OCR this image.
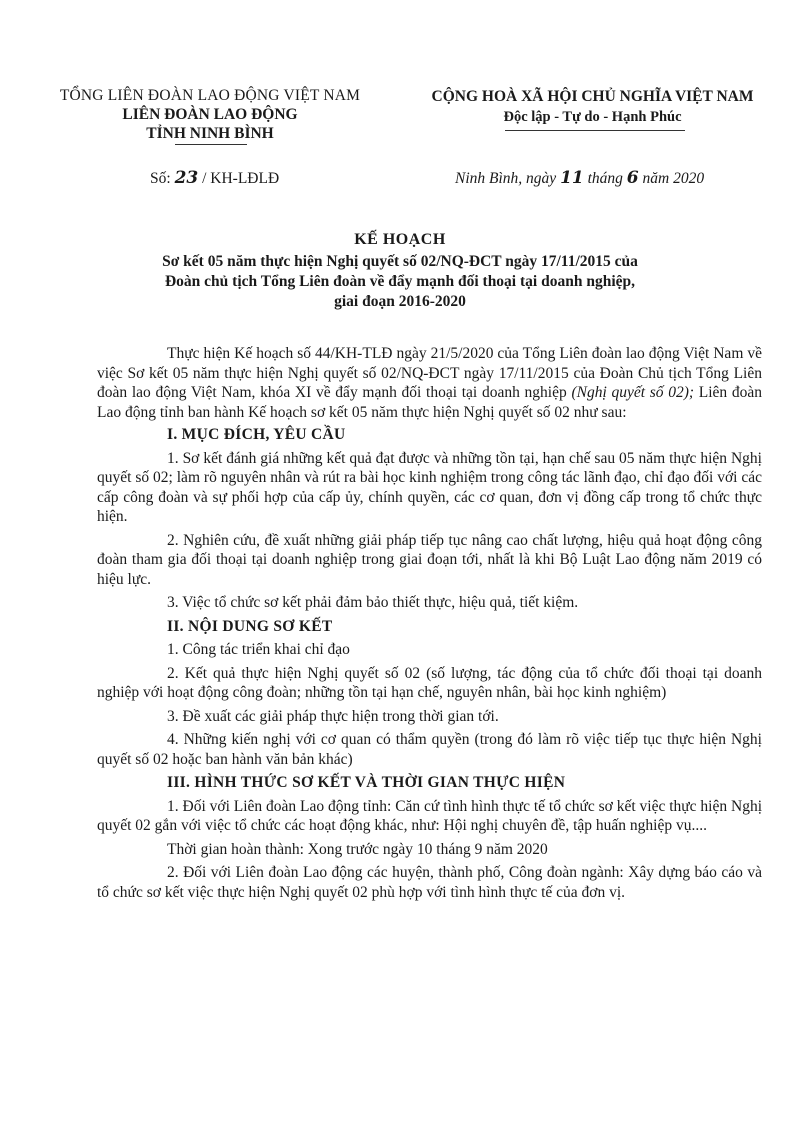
TỔNG LIÊN ĐOÀN LAO ĐỘNG VIỆT NAM
LIÊN ĐOÀN LAO ĐỘNG
TỈNH NINH BÌNH
CỘNG HOÀ XÃ HỘI CHỦ NGHĨA VIỆT NAM
Độc lập - Tự do - Hạnh Phúc
Số: 23 / KH-LĐLĐ	Ninh Bình, ngày 11 tháng 6 năm 2020
KẾ HOẠCH
Sơ kết 05 năm thực hiện Nghị quyết số 02/NQ-ĐCT ngày 17/11/2015 của
Đoàn chủ tịch Tổng Liên đoàn về đẩy mạnh đối thoại tại doanh nghiệp,
giai đoạn 2016-2020

Thực hiện Kế hoạch số 44/KH-TLĐ ngày 21/5/2020 của Tổng Liên đoàn lao động Việt Nam về việc Sơ kết 05 năm thực hiện Nghị quyết số 02/NQ-ĐCT ngày 17/11/2015 của Đoàn Chủ tịch Tổng Liên đoàn lao động Việt Nam, khóa XI về đẩy mạnh đối thoại tại doanh nghiệp (Nghị quyết số 02); Liên đoàn Lao động tỉnh ban hành Kế hoạch sơ kết 05 năm thực hiện Nghị quyết số 02 như sau:

I. MỤC ĐÍCH, YÊU CẦU

1. Sơ kết đánh giá những kết quả đạt được và những tồn tại, hạn chế sau 05 năm thực hiện Nghị quyết số 02; làm rõ nguyên nhân và rút ra bài học kinh nghiệm trong công tác lãnh đạo, chỉ đạo đối với các cấp công đoàn và sự phối hợp của cấp ủy, chính quyền, các cơ quan, đơn vị đồng cấp trong tổ chức thực hiện.

2. Nghiên cứu, đề xuất những giải pháp tiếp tục nâng cao chất lượng, hiệu quả hoạt động công đoàn tham gia đối thoại tại doanh nghiệp trong giai đoạn tới, nhất là khi Bộ Luật Lao động năm 2019 có hiệu lực.

3. Việc tổ chức sơ kết phải đảm bảo thiết thực, hiệu quả, tiết kiệm.

II. NỘI DUNG SƠ KẾT

1. Công tác triển khai chỉ đạo

2. Kết quả thực hiện Nghị quyết số 02 (số lượng, tác động của tổ chức đối thoại tại doanh nghiệp với hoạt động công đoàn; những tồn tại hạn chế, nguyên nhân, bài học kinh nghiệm)

3. Đề xuất các giải pháp thực hiện trong thời gian tới.

4. Những kiến nghị với cơ quan có thẩm quyền (trong đó làm rõ việc tiếp tục thực hiện Nghị quyết số 02 hoặc ban hành văn bản khác)

III. HÌNH THỨC SƠ KẾT VÀ THỜI GIAN THỰC HIỆN

1. Đối với Liên đoàn Lao động tỉnh: Căn cứ tình hình thực tế tổ chức sơ kết việc thực hiện Nghị quyết 02 gắn với việc tổ chức các hoạt động khác, như: Hội nghị chuyên đề, tập huấn nghiệp vụ....

Thời gian hoàn thành: Xong trước ngày 10 tháng 9 năm 2020

2. Đối với Liên đoàn Lao động các huyện, thành phố, Công đoàn ngành: Xây dựng báo cáo và tổ chức sơ kết việc thực hiện Nghị quyết 02 phù hợp với tình hình thực tế của đơn vị.
